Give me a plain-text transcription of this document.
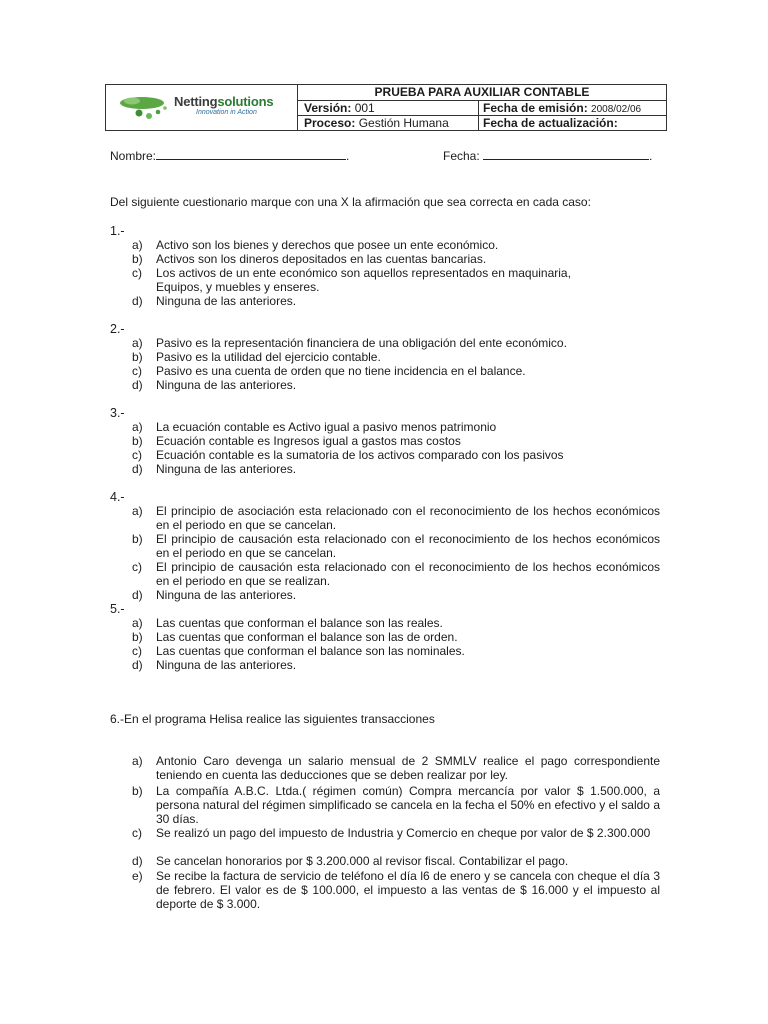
Nettingsolutions
Innovation in Action
PRUEBA PARA AUXILIAR CONTABLE
Versión: 001	Fecha de emisión: 2008/02/06
Proceso: Gestión Humana	Fecha de actualización:
Nombre:	.	Fecha:	.
Del siguiente cuestionario marque con una X la afirmación que sea correcta en cada caso:
1.-
a)	Activo son los bienes y derechos que posee un ente económico.
b)	Activos son los dineros depositados en las cuentas bancarias.
c)	Los activos de un ente económico son aquellos representados en maquinaria, Equipos, y muebles y enseres.
d)	Ninguna de las anteriores.
2.-
a)	Pasivo es la representación financiera de una obligación del ente económico.
b)	Pasivo es la utilidad del ejercicio contable.
c)	Pasivo es una cuenta de orden que no tiene incidencia en el balance.
d)	Ninguna de las anteriores.
3.-
a)	La ecuación contable es Activo igual a pasivo menos patrimonio
b)	Ecuación contable es Ingresos igual a gastos mas costos
c)	Ecuación contable es la sumatoria de los activos comparado con los pasivos
d)	Ninguna de las anteriores.
4.-
a)	El principio de asociación esta relacionado con el reconocimiento de los hechos económicos en el periodo en que se cancelan.
b)	El principio de causación esta relacionado con el reconocimiento de los hechos económicos en el periodo en que se cancelan.
c)	El principio de causación esta relacionado con el reconocimiento de los hechos económicos en el periodo en que se realizan.
d)	Ninguna de las anteriores.
5.-
a)	Las cuentas que conforman el balance son las reales.
b)	Las cuentas que conforman el balance son las de orden.
c)	Las cuentas que conforman el balance son las nominales.
d)	Ninguna de las anteriores.
6.-En el programa Helisa realice las siguientes transacciones
a)	Antonio Caro devenga un salario mensual de 2 SMMLV realice el pago correspondiente teniendo en cuenta las deducciones que se deben realizar por ley.
b)	La compañía A.B.C. Ltda.( régimen común) Compra mercancía por valor $ 1.500.000, a persona natural del régimen simplificado se cancela en la fecha el 50% en efectivo y el saldo a 30 días.
c)	Se realizó un pago del impuesto de Industria y Comercio en cheque por valor de $ 2.300.000
d)	Se cancelan honorarios por $ 3.200.000 al revisor fiscal. Contabilizar el pago.
e)	Se recibe la factura de servicio de teléfono el día l6 de enero y se cancela con cheque el día 3 de febrero. El valor es de $ 100.000, el impuesto a las ventas de $ 16.000 y el impuesto al deporte de $ 3.000.
